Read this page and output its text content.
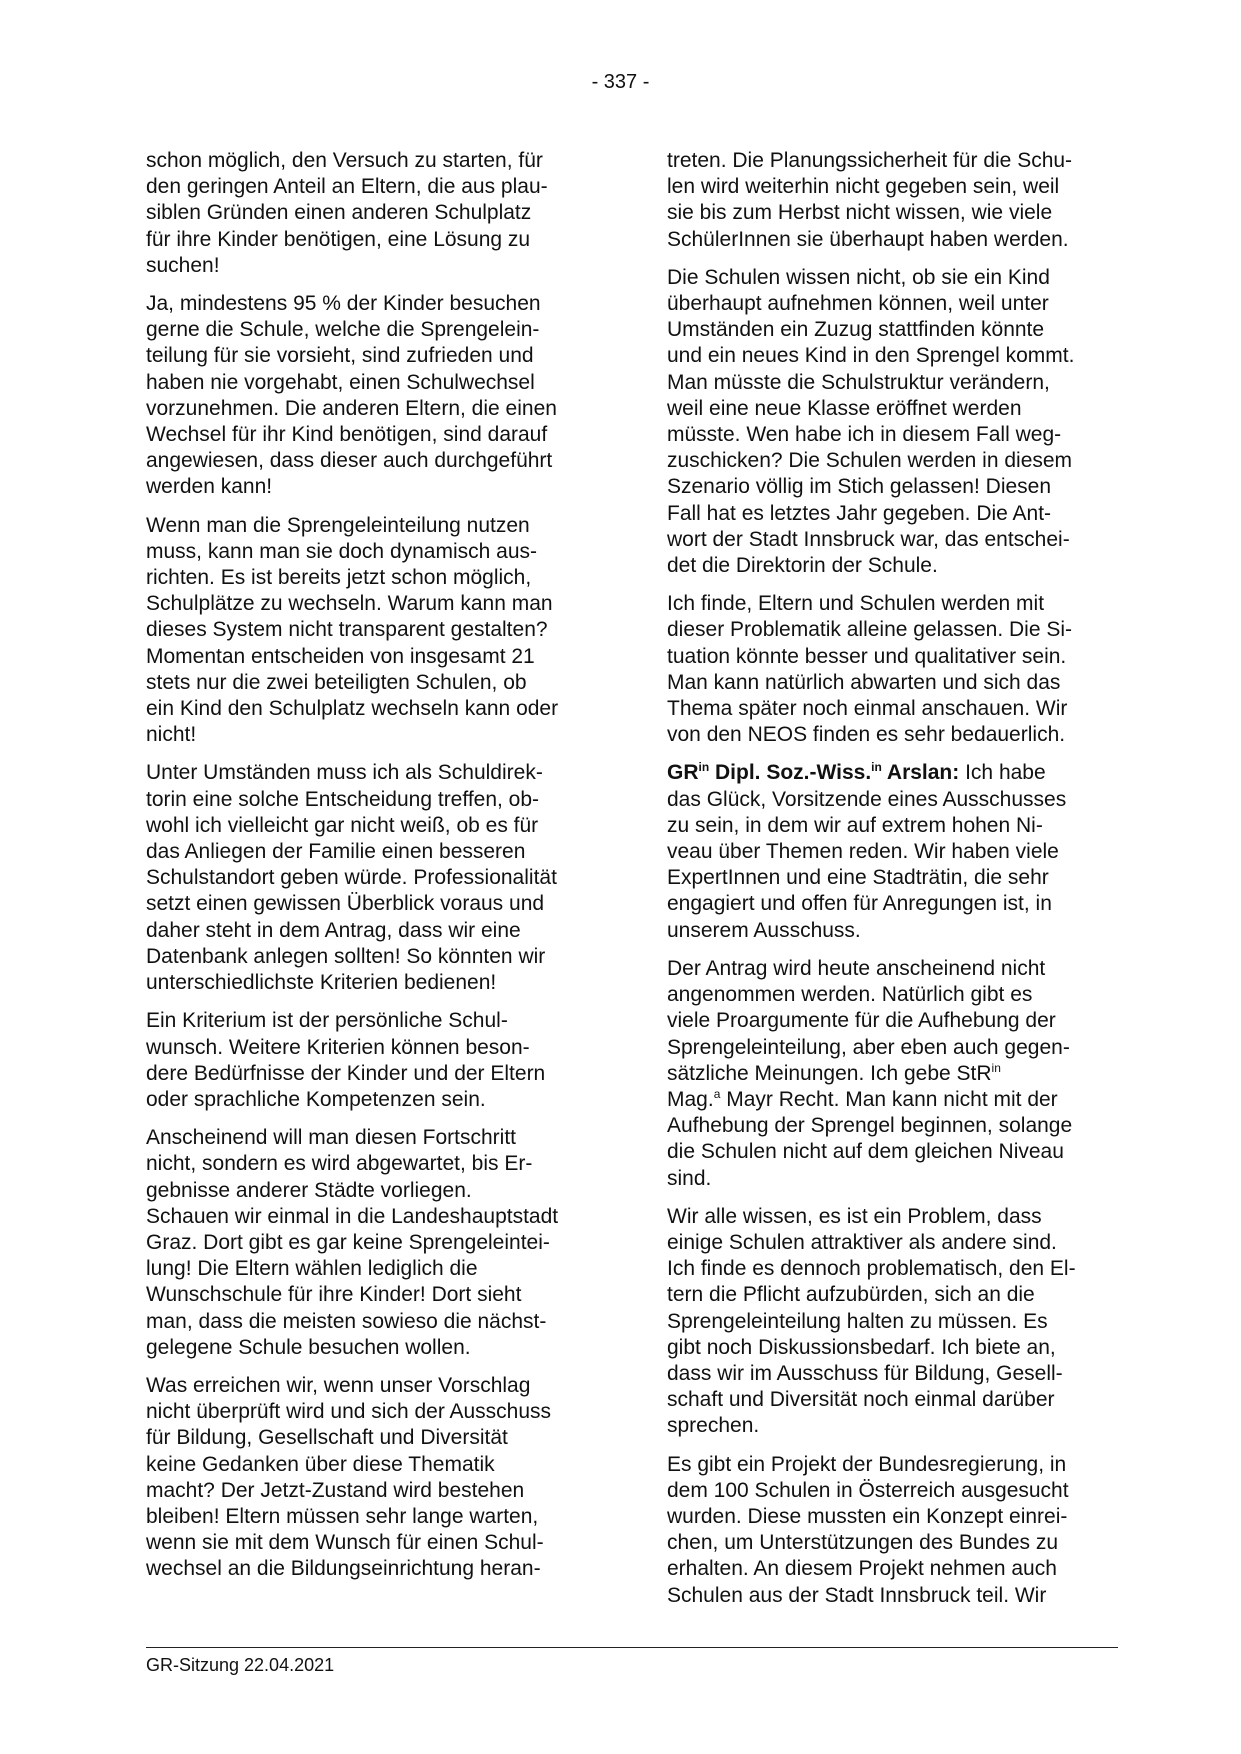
- 337 -
schon möglich, den Versuch zu starten, für
den geringen Anteil an Eltern, die aus plau-
siblen Gründen einen anderen Schulplatz
für ihre Kinder benötigen, eine Lösung zu
suchen!
Ja, mindestens 95 % der Kinder besuchen
gerne die Schule, welche die Sprengelein-
teilung für sie vorsieht, sind zufrieden und
haben nie vorgehabt, einen Schulwechsel
vorzunehmen. Die anderen Eltern, die einen
Wechsel für ihr Kind benötigen, sind darauf
angewiesen, dass dieser auch durchgeführt
werden kann!
Wenn man die Sprengeleinteilung nutzen
muss, kann man sie doch dynamisch aus-
richten. Es ist bereits jetzt schon möglich,
Schulplätze zu wechseln. Warum kann man
dieses System nicht transparent gestalten?
Momentan entscheiden von insgesamt 21
stets nur die zwei beteiligten Schulen, ob
ein Kind den Schulplatz wechseln kann oder
nicht!
Unter Umständen muss ich als Schuldirek-
torin eine solche Entscheidung treffen, ob-
wohl ich vielleicht gar nicht weiß, ob es für
das Anliegen der Familie einen besseren
Schulstandort geben würde. Professionalität
setzt einen gewissen Überblick voraus und
daher steht in dem Antrag, dass wir eine
Datenbank anlegen sollten! So könnten wir
unterschiedlichste Kriterien bedienen!
Ein Kriterium ist der persönliche Schul-
wunsch. Weitere Kriterien können beson-
dere Bedürfnisse der Kinder und der Eltern
oder sprachliche Kompetenzen sein.
Anscheinend will man diesen Fortschritt
nicht, sondern es wird abgewartet, bis Er-
gebnisse anderer Städte vorliegen.
Schauen wir einmal in die Landeshauptstadt
Graz. Dort gibt es gar keine Sprengeleintei-
lung! Die Eltern wählen lediglich die
Wunschschule für ihre Kinder! Dort sieht
man, dass die meisten sowieso die nächst-
gelegene Schule besuchen wollen.
Was erreichen wir, wenn unser Vorschlag
nicht überprüft wird und sich der Ausschuss
für Bildung, Gesellschaft und Diversität
keine Gedanken über diese Thematik
macht? Der Jetzt-Zustand wird bestehen
bleiben! Eltern müssen sehr lange warten,
wenn sie mit dem Wunsch für einen Schul-
wechsel an die Bildungseinrichtung heran-
treten. Die Planungssicherheit für die Schu-
len wird weiterhin nicht gegeben sein, weil
sie bis zum Herbst nicht wissen, wie viele
SchülerInnen sie überhaupt haben werden.
Die Schulen wissen nicht, ob sie ein Kind
überhaupt aufnehmen können, weil unter
Umständen ein Zuzug stattfinden könnte
und ein neues Kind in den Sprengel kommt.
Man müsste die Schulstruktur verändern,
weil eine neue Klasse eröffnet werden
müsste. Wen habe ich in diesem Fall weg-
zuschicken? Die Schulen werden in diesem
Szenario völlig im Stich gelassen! Diesen
Fall hat es letztes Jahr gegeben. Die Ant-
wort der Stadt Innsbruck war, das entschei-
det die Direktorin der Schule.
Ich finde, Eltern und Schulen werden mit
dieser Problematik alleine gelassen. Die Si-
tuation könnte besser und qualitativer sein.
Man kann natürlich abwarten und sich das
Thema später noch einmal anschauen. Wir
von den NEOS finden es sehr bedauerlich.
$GR^{in}$ Dipl. Soz.-Wiss.$^{in}$ Arslan: Ich habe
das Glück, Vorsitzende eines Ausschusses
zu sein, in dem wir auf extrem hohen Ni-
veau über Themen reden. Wir haben viele
ExpertInnen und eine Stadträtin, die sehr
engagiert und offen für Anregungen ist, in
unserem Ausschuss.
Der Antrag wird heute anscheinend nicht
angenommen werden. Natürlich gibt es
viele Proargumente für die Aufhebung der
Sprengeleinteilung, aber eben auch gegen-
sätzliche Meinungen. Ich gebe StR$^{in}$
Mag.$^a$ Mayr Recht. Man kann nicht mit der
Aufhebung der Sprengel beginnen, solange
die Schulen nicht auf dem gleichen Niveau
sind.
Wir alle wissen, es ist ein Problem, dass
einige Schulen attraktiver als andere sind.
Ich finde es dennoch problematisch, den El-
tern die Pflicht aufzubürden, sich an die
Sprengeleinteilung halten zu müssen. Es
gibt noch Diskussionsbedarf. Ich biete an,
dass wir im Ausschuss für Bildung, Gesell-
schaft und Diversität noch einmal darüber
sprechen.
Es gibt ein Projekt der Bundesregierung, in
dem 100 Schulen in Österreich ausgesucht
wurden. Diese mussten ein Konzept einrei-
chen, um Unterstützungen des Bundes zu
erhalten. An diesem Projekt nehmen auch
Schulen aus der Stadt Innsbruck teil. Wir
GR-Sitzung 22.04.2021
